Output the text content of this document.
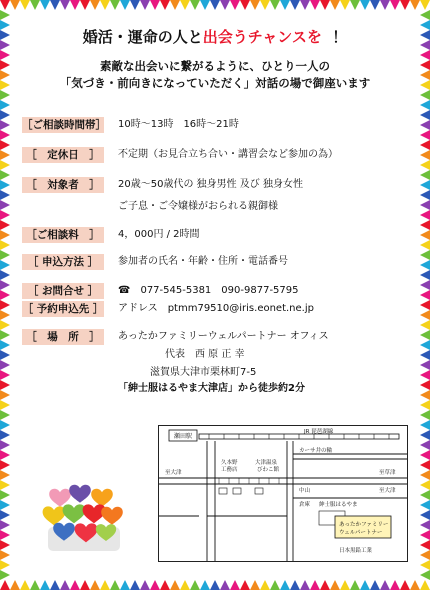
婚活・運命の人と出会うチャンスを ！
素敵な出会いに繋がるように、ひとり一人の
「気づき・前向きになっていただく」対話の場で御座います
［ご相談時間帯］ 10時～13時　16時～21時
［　定休日　］	不定期（お見合立ち合い・講習会など参加の為）
［　対象者　］	20歳～50歳代の 独身男性 及び 独身女性
ご子息・ご令嬢様がおられる親御様
［ご相談料　］	4，000円 / 2時間
［ 申込方法 ］	参加者の氏名・年齢・住所・電話番号
［ お問合せ ］	☎　077-545-5381　090-9877-5795
［ 予約申込先 ］ アドレス　ptmm79510@iris.eonet.ne.jp
［　場　所　］	あったかファミリーウェルパートナー オフィス
代表　西 原 正 幸
滋賀県大津市栗林町7-5
「紳士服はるやま大津店」から徒歩約2分
瀬田駅
JR 琵琶湖線
至大津
カーサ井の輪
久本野
工務店
大津温泉
びわこ館
中山
倉庫 紳士服はるやま
至草津
至大津
あったかファミリー
ウェルパートナー
日本黒鉛工業
